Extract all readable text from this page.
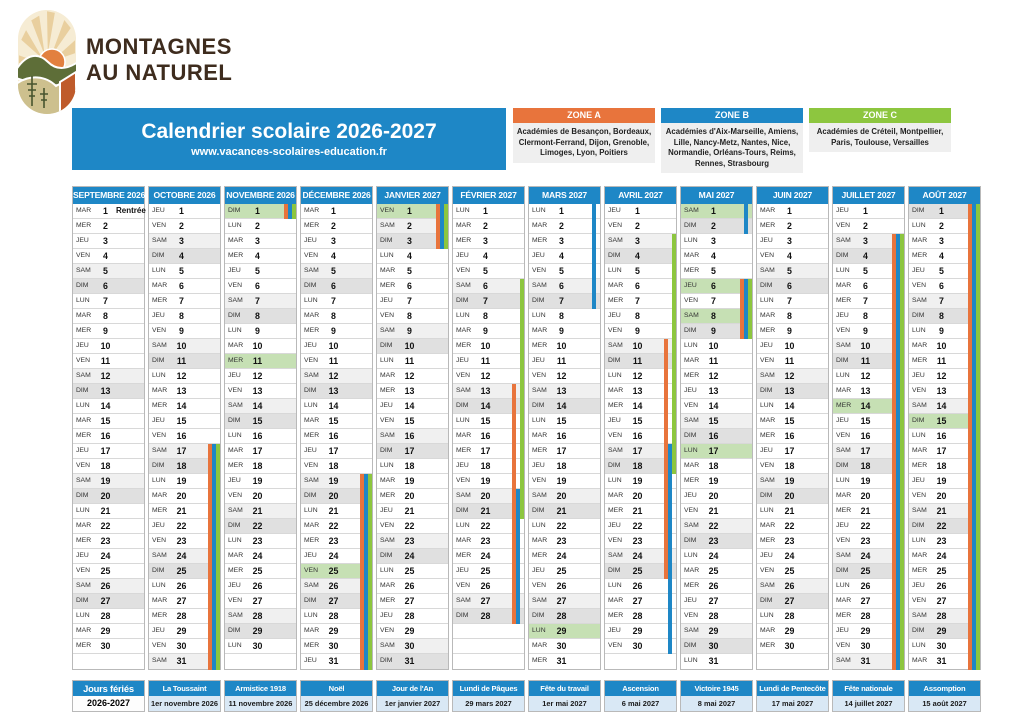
MONTAGNES
AU NATUREL
Calendrier scolaire 2026-2027
www.vacances-scolaires-education.fr
ZONE A
Académies de Besançon, Bordeaux, Clermont-Ferrand, Dijon, Grenoble, Limoges, Lyon, Poitiers
ZONE B
Académies d'Aix-Marseille, Amiens, Lille, Nancy-Metz, Nantes, Nice, Normandie, Orléans-Tours, Reims, Rennes, Strasbourg
ZONE C
Académies de Créteil, Montpellier, Paris, Toulouse, Versailles
SEPTEMBRE 2026
MAR 1 $^{Rentrée}$
MER 2
JEU 3
VEN 4
SAM 5
DIM 6
LUN 7
MAR 8
MER 9
JEU 10
VEN 11
SAM 12
DIM 13
LUN 14
MAR 15
MER 16
JEU 17
VEN 18
SAM 19
DIM 20
LUN 21
MAR 22
MER 23
JEU 24
VEN 25
SAM 26
DIM 27
LUN 28
MAR 29
MER 30
OCTOBRE 2026
JEU 1
VEN 2
SAM 3
DIM 4
LUN 5
MAR 6
MER 7
JEU 8
VEN 9
SAM 10
DIM 11
LUN 12
MAR 13
MER 14
JEU 15
VEN 16
SAM 17
DIM 18
LUN 19
MAR 20
MER 21
JEU 22
VEN 23
SAM 24
DIM 25
LUN 26
MAR 27
MER 28
JEU 29
VEN 30
SAM 31
NOVEMBRE 2026
DIM 1
LUN 2
MAR 3
MER 4
JEU 5
VEN 6
SAM 7
DIM 8
LUN 9
MAR 10
MER 11
JEU 12
VEN 13
SAM 14
DIM 15
LUN 16
MAR 17
MER 18
JEU 19
VEN 20
SAM 21
DIM 22
LUN 23
MAR 24
MER 25
JEU 26
VEN 27
SAM 28
DIM 29
LUN 30
DÉCEMBRE 2026
MAR 1
MER 2
JEU 3
VEN 4
SAM 5
DIM 6
LUN 7
MAR 8
MER 9
JEU 10
VEN 11
SAM 12
DIM 13
LUN 14
MAR 15
MER 16
JEU 17
VEN 18
SAM 19
DIM 20
LUN 21
MAR 22
MER 23
JEU 24
VEN 25
SAM 26
DIM 27
LUN 28
MAR 29
MER 30
JEU 31
JANVIER 2027
VEN 1
SAM 2
DIM 3
LUN 4
MAR 5
MER 6
JEU 7
VEN 8
SAM 9
DIM 10
LUN 11
MAR 12
MER 13
JEU 14
VEN 15
SAM 16
DIM 17
LUN 18
MAR 19
MER 20
JEU 21
VEN 22
SAM 23
DIM 24
LUN 25
MAR 26
MER 27
JEU 28
VEN 29
SAM 30
DIM 31
FÉVRIER 2027
LUN 1
MAR 2
MER 3
JEU 4
VEN 5
SAM 6
DIM 7
LUN 8
MAR 9
MER 10
JEU 11
VEN 12
SAM 13
DIM 14
LUN 15
MAR 16
MER 17
JEU 18
VEN 19
SAM 20
DIM 21
LUN 22
MAR 23
MER 24
JEU 25
VEN 26
SAM 27
DIM 28
MARS 2027
LUN 1
MAR 2
MER 3
JEU 4
VEN 5
SAM 6
DIM 7
LUN 8
MAR 9
MER 10
JEU 11
VEN 12
SAM 13
DIM 14
LUN 15
MAR 16
MER 17
JEU 18
VEN 19
SAM 20
DIM 21
LUN 22
MAR 23
MER 24
JEU 25
VEN 26
SAM 27
DIM 28
LUN 29
MAR 30
MER 31
AVRIL 2027
JEU 1
VEN 2
SAM 3
DIM 4
LUN 5
MAR 6
MER 7
JEU 8
VEN 9
SAM 10
DIM 11
LUN 12
MAR 13
MER 14
JEU 15
VEN 16
SAM 17
DIM 18
LUN 19
MAR 20
MER 21
JEU 22
VEN 23
SAM 24
DIM 25
LUN 26
MAR 27
MER 28
JEU 29
VEN 30
MAI 2027
SAM 1
DIM 2
LUN 3
MAR 4
MER 5
JEU 6
VEN 7
SAM 8
DIM 9
LUN 10
MAR 11
MER 12
JEU 13
VEN 14
SAM 15
DIM 16
LUN 17
MAR 18
MER 19
JEU 20
VEN 21
SAM 22
DIM 23
LUN 24
MAR 25
MER 26
JEU 27
VEN 28
SAM 29
DIM 30
LUN 31
JUIN 2027
MAR 1
MER 2
JEU 3
VEN 4
SAM 5
DIM 6
LUN 7
MAR 8
MER 9
JEU 10
VEN 11
SAM 12
DIM 13
LUN 14
MAR 15
MER 16
JEU 17
VEN 18
SAM 19
DIM 20
LUN 21
MAR 22
MER 23
JEU 24
VEN 25
SAM 26
DIM 27
LUN 28
MAR 29
MER 30
JUILLET 2027
JEU 1
VEN 2
SAM 3
DIM 4
LUN 5
MAR 6
MER 7
JEU 8
VEN 9
SAM 10
DIM 11
LUN 12
MAR 13
MER 14
JEU 15
VEN 16
SAM 17
DIM 18
LUN 19
MAR 20
MER 21
JEU 22
VEN 23
SAM 24
DIM 25
LUN 26
MAR 27
MER 28
JEU 29
VEN 30
SAM 31
AOÛT 2027
DIM 1
LUN 2
MAR 3
MER 4
JEU 5
VEN 6
SAM 7
DIM 8
LUN 9
MAR 10
MER 11
JEU 12
VEN 13
SAM 14
DIM 15
LUN 16
MAR 17
MER 18
JEU 19
VEN 20
SAM 21
DIM 22
LUN 23
MAR 24
MER 25
JEU 26
VEN 27
SAM 28
DIM 29
LUN 30
MAR 31
Jours fériés
2026-2027
La Toussaint
1er novembre 2026
Armistice 1918
11 novembre 2026
Noël
25 décembre 2026
Jour de l'An
1er janvier 2027
Lundi de Pâques
29 mars 2027
Fête du travail
1er mai 2027
Ascension
6 mai 2027
Victoire 1945
8 mai 2027
Lundi de Pentecôte
17 mai 2027
Fête nationale
14 juillet 2027
Assomption
15 août 2027
